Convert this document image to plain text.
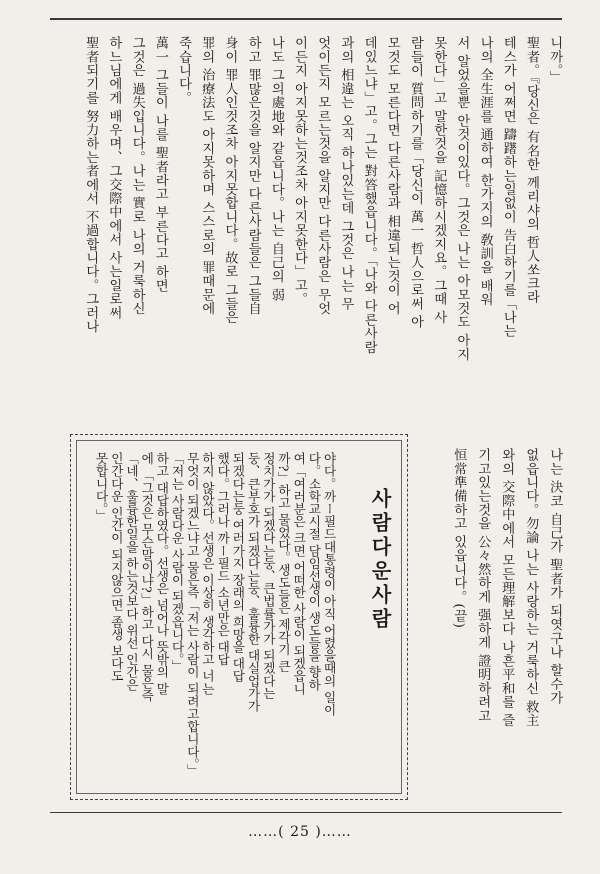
니까。」
聖者。『당신은 有名한 께리샤의 哲人쏘크라
테스가 어쩌면 躊躇하는일없이 告白하기를「나는
나의 全生涯를 通하여 한가지의 敎訓을 배워
서 알었을뿐 안것이있다。그것은 나는 아모것도 아지
못한다」고 말한것을 記憶하시겠지요。그때 사
람들이 質問하기를「당신이 萬一 哲人으로써 아
모것도 모른다면 다른사람과 相違되는것이 어
데있느냐」고。그는 對答했읍니다。「나와 다른사람
과의 相違는 오직 하나있는데 그것은 나는 무
엇이든지 모르는것을 알지만 다른사람은 무엇
이든지 아지못하는것조차 아지못한다」고。
나도 그의處地와 같읍니다。나는 自己의 弱
하고 罪많은것을 알지만 다른사람들은 그들自
身이 罪人인것조차 아지못합니다。故로 그들은
罪의 治療法도 아지못하며 스스로의 罪때문에
죽습니다。
萬一 그들이 나를 聖者라고 부른다고 하면
그것은 過失입니다。나는 實로 나의 거룩하신
하느님에게 배우며、그交際中에서 사는일로써
聖者되기를 努力하는者에서 不過합니다。그러나
나는 決코 自己가 聖者가 되엿구나 할수가
없읍니다。勿論 나는 사랑하는 거룩하신 救主
와의 交際中에서 모든理解보다 나흔平和를 즐
기고있는것을 公々然하게 强하게 證明하려고
恒常準備하고 있읍니다。(끝)
사람다운사람
야다。까ー필드대통령이 아직 어렸을때의 일이
다。소학교시절 담임선생이 생도들을 향하
여「여러분은 크면 어떠한 사람이 되겠읍니
까?」하고 물었다。생도들은 제각기 큰
정치가가 되겠다는둥、큰법률가가 되겠다는
둥、큰부호가 되겠다는둥、훌륭한 대실업가가
되겠다는둥 여러가지 장래의 희망을 대답
했다。그러나 까ー필드 소년만은 대답
하지 않았다。선생은 이상히 생각하고 너는
무엇이 되겠느냐고 물은즉「저는 사람이 되려고합니다。」
「저는 사람다운 사람이 되겠읍니다。」
하고 대답하였다。선생은 넘어나 뜻밖의 말
에 「그것은 무슨말이냐?」하고 다시 물은즉
「네、훌륭한일을 하는것보다 위선 인간은
인간다운 인간이 되지않으면 좀생 보다도
못합니다。」
……( 25 )……
